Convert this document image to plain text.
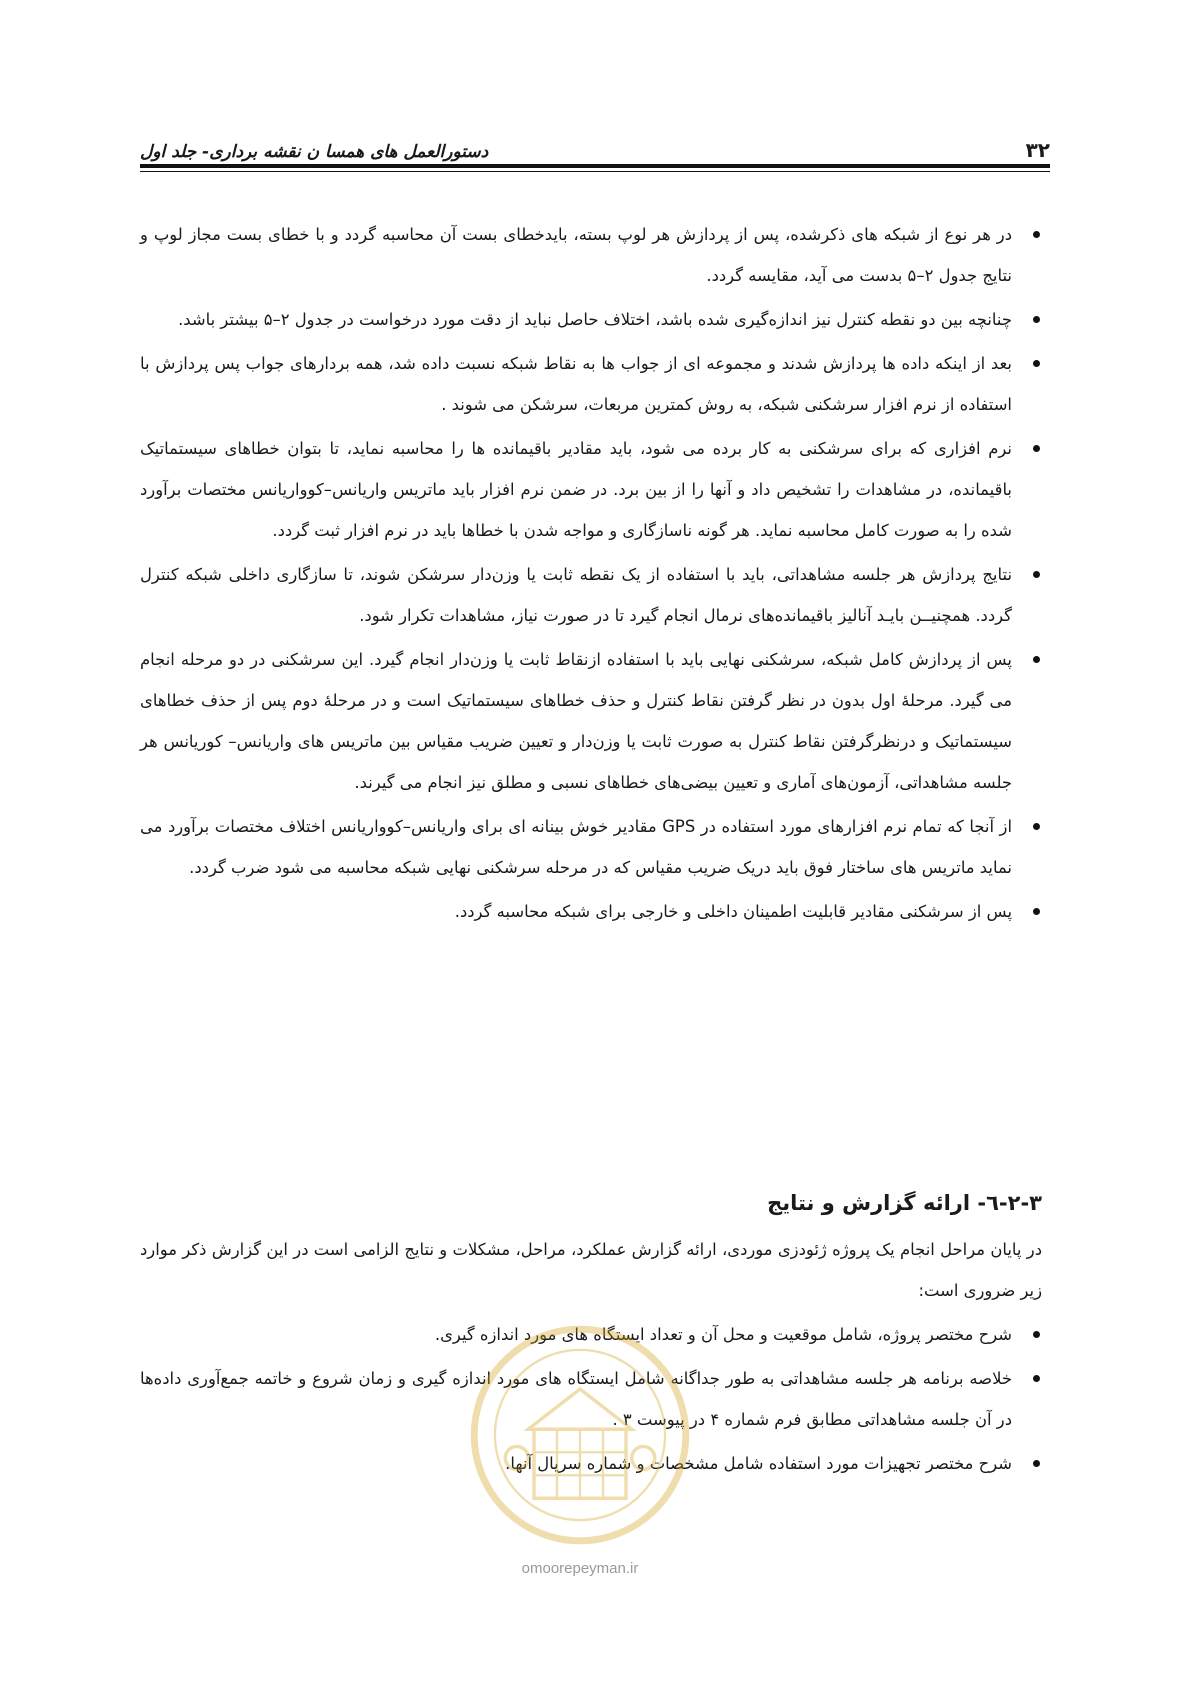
۳۲
دستورالعمل های همسا ن نقشه برداری- جلد اول
در هر نوع از شبکه های ذکرشده، پس از پردازش هر لوپ بسته، بایدخطای بست آن محاسبه گردد و با خطای بست مجاز لوپ و نتایج جدول ۲–۵ بدست می آید، مقایسه گردد.
چنانچه بین دو نقطه کنترل نیز اندازه‌گیری شده باشد، اختلاف حاصل نباید از دقت مورد درخواست در جدول ۲–۵ بیشتر باشد.
بعد از اینکه داده ها پردازش شدند و مجموعه ای از جواب ها به نقاط شبکه نسبت داده شد، همه بردارهای جواب پس پردازش با استفاده از نرم افزار سرشکنی شبکه، به روش کمترین مربعات، سرشکن می شوند .
نرم افزاری که برای سرشکنی به کار برده می شود، باید مقادیر باقیمانده ها را محاسبه نماید، تا بتوان خطاهای سیستماتیک باقیمانده، در مشاهدات را تشخیص داد و آنها را از بین برد. در ضمن نرم افزار باید ماتریس واریانس–کوواریانس مختصات برآورد شده را به صورت کامل محاسبه نماید. هر گونه ناسازگاری و مواجه شدن با خطاها باید در نرم افزار ثبت گردد.
نتایج پردازش هر جلسه مشاهداتی، باید با استفاده از یک نقطه ثابت یا وزن‌دار سرشکن شوند، تا سازگاری داخلی شبکه کنترل گردد. همچنیــن بایـد آنالیز باقیمانده‌های نرمال انجام گیرد تا در صورت نیاز، مشاهدات تکرار شود.
پس از پردازش کامل شبکه، سرشکنی نهایی باید با استفاده ازنقاط ثابت یا وزن‌دار انجام گیرد. این سرشکنی در دو مرحله انجام می گیرد. مرحلهٔ اول بدون در نظر گرفتن نقاط کنترل و حذف خطاهای سیستماتیک است و در مرحلهٔ دوم پس از حذف خطاهای سیستماتیک و درنظرگرفتن نقاط کنترل به صورت ثابت یا وزن‌دار و تعیین ضریب مقیاس بین ماتریس های واریانس– کوریانس هر جلسه مشاهداتی، آزمون‌های آماری و تعیین بیضی‌های خطاهای نسبی و مطلق نیز انجام می گیرند.
از آنجا که تمام نرم افزارهای مورد استفاده در GPS مقادیر خوش بینانه ای برای واریانس–کوواریانس اختلاف مختصات برآورد می نماید ماتریس های ساختار فوق باید دریک ضریب مقیاس که در مرحله سرشکنی نهایی شبکه محاسبه می شود ضرب گردد.
پس از سرشکنی مقادیر قابلیت اطمینان داخلی و خارجی برای شبکه محاسبه گردد.
۲-۳-٦- ارائه گزارش و نتایج

در پایان مراحل انجام یک پروژه ژئودزی موردی، ارائه گزارش عملکرد، مراحل، مشکلات و نتایج الزامی است در این گزارش ذکر موارد زیر ضروری است:

شرح مختصر پروژه، شامل موقعیت و محل آن و تعداد ایستگاه های مورد اندازه گیری.
خلاصه برنامه هر جلسه مشاهداتی به طور جداگانه شامل ایستگاه های مورد اندازه گیری و زمان شروع و خاتمه جمع‌آوری داده‌ها در آن جلسه مشاهداتی مطابق فرم شماره ۴ در پیوست ۳ .
شرح مختصر تجهیزات مورد استفاده شامل مشخصات و شماره سریال آنها.
omoorepeyman.ir
